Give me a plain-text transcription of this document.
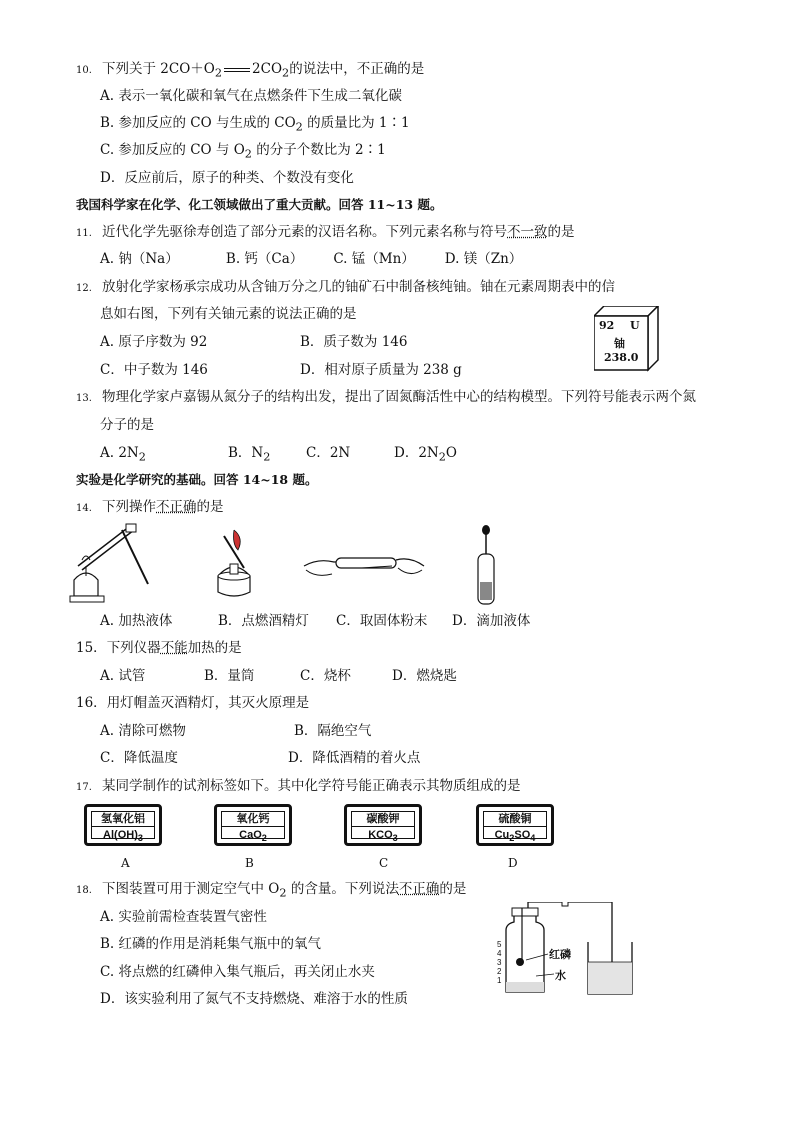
10. 下列关于 $2CO+O_2$ $2CO_2$的说法中，不正确的是
A. 表示一氧化碳和氧气在点燃条件下生成二氧化碳
B. 参加反应的 CO 与生成的 $CO_2$ 的质量比为 1∶1
C. 参加反应的 CO 与 $O_2$ 的分子个数比为 2∶1
D．反应前后，原子的种类、个数没有变化
我国科学家在化学、化工领域做出了重大贡献。回答 11~13 题。
11. 近代化学先驱徐寿创造了部分元素的汉语名称。下列元素名称与符号不一致的是
A. 钠（Na）           B. 钙（Ca）       C. 锰（Mn）       D. 镁（Zn）
12. 放射化学家杨承宗成功从含铀万分之几的铀矿石中制备核纯铀。铀在元素周期表中的信
息如右图，下列有关铀元素的说法正确的是
A. 原子序数为 92	B．质子数为 146
C．中子数为 146	D．相对原子质量为 238 g
92 U
铀
238.0
13. 物理化学家卢嘉锡从氮分子的结构出发，提出了固氮酶活性中心的结构模型。下列符号能表示两个氮
分子的是
A. $2N_2$	B．$N_2$	C．2N	D．$2N_2O$
实验是化学研究的基础。回答 14~18 题。
14. 下列操作不正确的是
A. 加热液体	B．点燃酒精灯 C．取固体粉末 D．滴加液体
15．下列仪器不能加热的是
A. 试管	B．量筒	C．烧杯	D．燃烧匙
16．用灯帽盖灭酒精灯，其灭火原理是
A. 清除可燃物	B．隔绝空气
C．降低温度	D．降低酒精的着火点
17. 某同学制作的试剂标签如下。其中化学符号能正确表示其物质组成的是
氢氧化铝
$Al(OH)_3$
氧化钙
CaO$_2$
碳酸钾
$KCO_3$
硫酸铜
$Cu_2SO_4$
A	B	C	D
18. 下图装置可用于测定空气中 $O_2$ 的含量。下列说法不正确的是
A. 实验前需检查装置气密性
B. 红磷的作用是消耗集气瓶中的氧气
C. 将点燃的红磷伸入集气瓶后，再关闭止水夹
D．该实验利用了氮气不支持燃烧、难溶于水的性质
红磷
水
5
4
3
2
1
